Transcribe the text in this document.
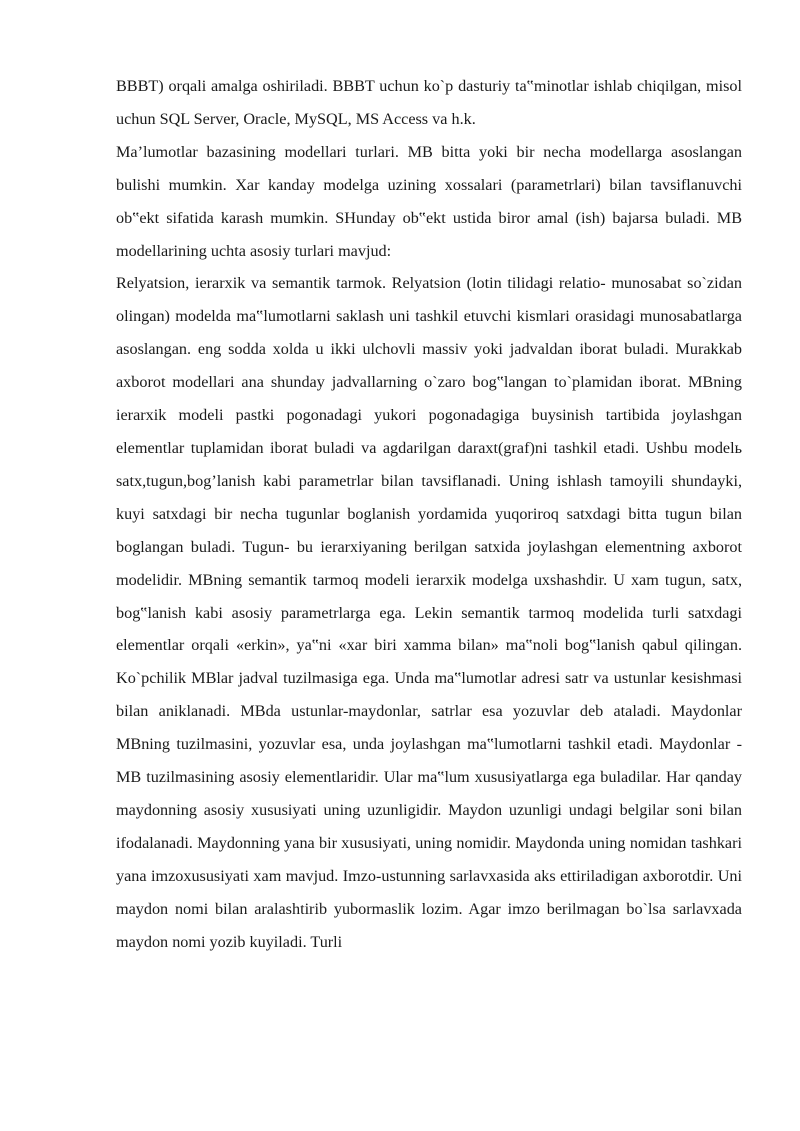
BBBT) orqali amalga oshiriladi. BBBT uchun ko`p dasturiy ta‟minotlar ishlab chiqilgan, misol uchun SQL Server, Oracle, MySQL, MS Access va h.k.

Ma’lumotlar bazasining modellari turlari. MB bitta yoki bir necha modellarga asoslangan bulishi mumkin. Xar kanday modelga uzining xossalari (parametrlari) bilan tavsiflanuvchi ob‟ekt sifatida karash mumkin. SHunday ob‟ekt ustida biror amal (ish) bajarsa buladi. MB modellarining uchta asosiy turlari mavjud:

Relyatsion, ierarxik va semantik tarmok. Relyatsion (lotin tilidagi relatio- munosabat so`zidan olingan) modelda ma‟lumotlarni saklash uni tashkil etuvchi kismlari orasidagi munosabatlarga asoslangan. eng sodda xolda u ikki ulchovli massiv yoki jadvaldan iborat buladi. Murakkab axborot modellari ana shunday jadvallarning o`zaro bog‟langan to`plamidan iborat. MBning ierarxik modeli pastki pogonadagi yukori pogonadagiga buysinish tartibida joylashgan elementlar tuplamidan iborat buladi va agdarilgan daraxt(graf)ni tashkil etadi. Ushbu modelь satx,tugun,bog’lanish kabi parametrlar bilan tavsiflanadi. Uning ishlash tamoyili shundayki, kuyi satxdagi bir necha tugunlar boglanish yordamida yuqoriroq satxdagi bitta tugun bilan boglangan buladi. Tugun- bu ierarxiyaning berilgan satxida joylashgan elementning axborot modelidir. MBning semantik tarmoq modeli ierarxik modelga uxshashdir. U xam tugun, satx, bog‟lanish kabi asosiy parametrlarga ega. Lekin semantik tarmoq modelida turli satxdagi elementlar orqali «erkin», ya‟ni «xar biri xamma bilan» ma‟noli bog‟lanish qabul qilingan. Ko`pchilik MBlar jadval tuzilmasiga ega. Unda ma‟lumotlar adresi satr va ustunlar kesishmasi bilan aniklanadi. MBda ustunlar-maydonlar, satrlar esa yozuvlar deb ataladi. Maydonlar MBning tuzilmasini, yozuvlar esa, unda joylashgan ma‟lumotlarni tashkil etadi. Maydonlar - MB tuzilmasining asosiy elementlaridir. Ular ma‟lum xususiyatlarga ega buladilar. Har qanday maydonning asosiy xususiyati uning uzunligidir. Maydon uzunligi undagi belgilar soni bilan ifodalanadi. Maydonning yana bir xususiyati, uning nomidir. Maydonda uning nomidan tashkari yana imzoxususiyati xam mavjud. Imzo-ustunning sarlavxasida aks ettiriladigan axborotdir. Uni maydon nomi bilan aralashtirib yubormaslik lozim. Agar imzo berilmagan bo`lsa sarlavxada maydon nomi yozib kuyiladi. Turli
